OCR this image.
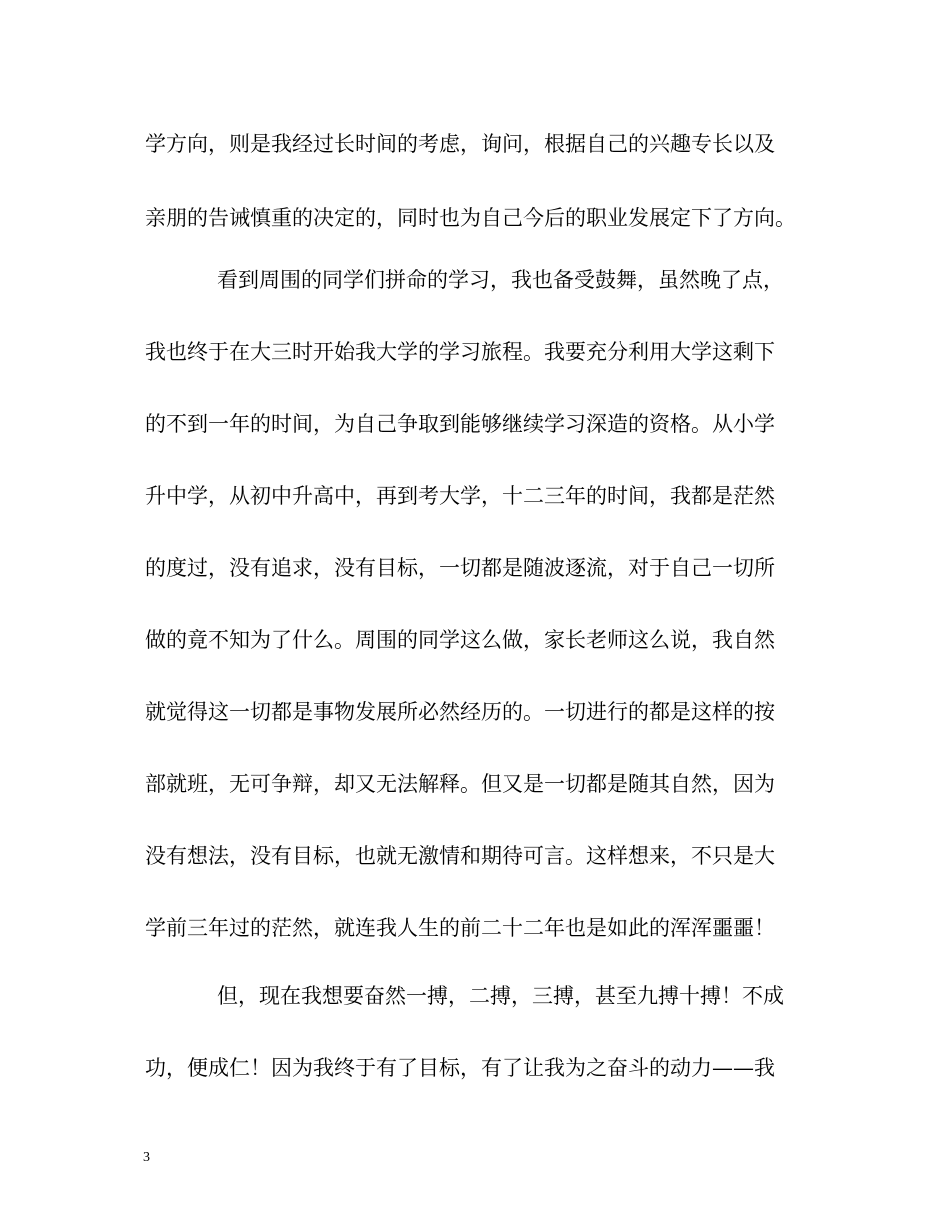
学方向，则是我经过长时间的考虑，询问，根据自己的兴趣专长以及
亲朋的告诫慎重的决定的，同时也为自己今后的职业发展定下了方向。
看到周围的同学们拼命的学习，我也备受鼓舞，虽然晚了点，
我也终于在大三时开始我大学的学习旅程。我要充分利用大学这剩下
的不到一年的时间，为自己争取到能够继续学习深造的资格。从小学
升中学，从初中升高中，再到考大学，十二三年的时间，我都是茫然
的度过，没有追求，没有目标，一切都是随波逐流，对于自己一切所
做的竟不知为了什么。周围的同学这么做，家长老师这么说，我自然
就觉得这一切都是事物发展所必然经历的。一切进行的都是这样的按
部就班，无可争辩，却又无法解释。但又是一切都是随其自然，因为
没有想法，没有目标，也就无激情和期待可言。这样想来，不只是大
学前三年过的茫然，就连我人生的前二十二年也是如此的浑浑噩噩！
但，现在我想要奋然一搏，二搏，三搏，甚至九搏十搏！不成
功，便成仁！因为我终于有了目标，有了让我为之奋斗的动力——我
3
